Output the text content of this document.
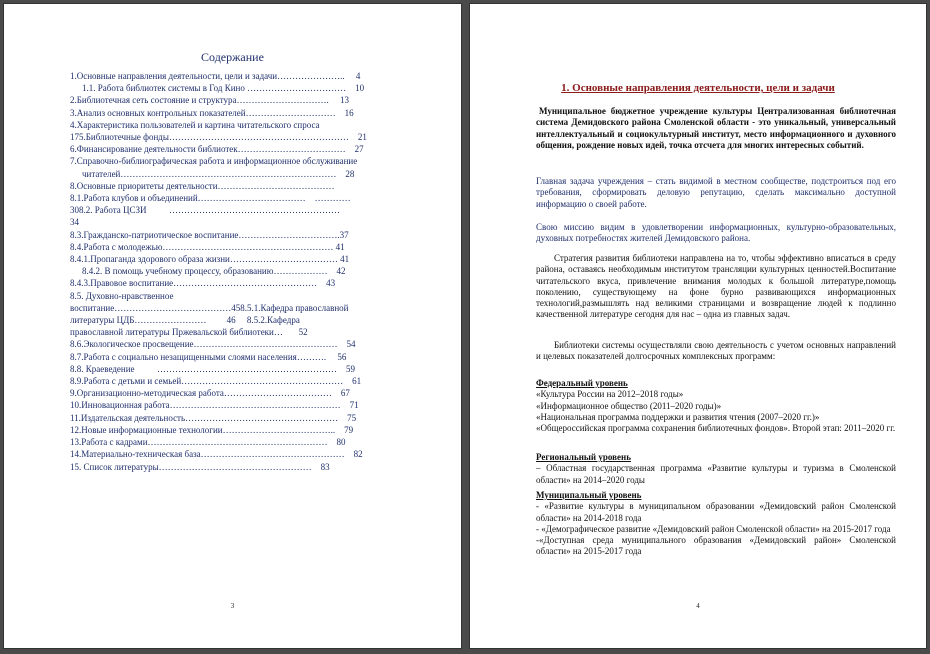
Содержание
1.Основные направления деятельности, цели и задачи…………………..     4
1.1. Работа библиотек системы в Год Кино ……………………………    10
2.Библиотечная сеть состояние и структура………………………….     13
3.Анализ основных контрольных показателей…………………………    16
4.Характеристика пользователей и картина читательского спроса
175.Библиотечные фонды……………………………………………………    21
6.Финансирование деятельности библиотек………………………………    27
7.Справочно-библиографическая работа и информационное обслуживание
читателей………………………………………………………………    28
8.Основные приоритеты деятельности…………………………………
8.1.Работа клубов и объединений………………………………    …………
308.2. Работа ЦСЗИ          …………………………………………………
34
8.3.Гражданско-патриотическое воспитание…………………………….37
8.4.Работа с молодежью………………………………………………… 41
8.4.1.Пропаганда здорового образа жизни……………………………… 41
8.4.2. В помощь учебному процессу, образованию………………    42
8.4.3.Правовое воспитание…………………………………………    43
8.5. Духовно-нравственное
воспитание…………………………………458.5.1.Кафедра православной
литературы ЦДБ……………………         46     8.5.2.Кафедра
православной литературы Пржевальской библиотеки…       52
8.6.Экологическое просвещение…………………………………………    54
8.7.Работа с социально незащищенными слоями населения……….     56
8.8. Краеведение          ……………………………………………………    59
8.9.Работа с детьми и семьей………………………………………………    61
9.Организационно-методическая работа………………………………    67
10.Инновационная работа…………………………………………………    71
11.Издательская деятельность……………………………………………    75
12.Новые информационные технологии………………………………..    79
13.Работа с кадрами……………………………………………………    80
14.Материально-техническая база…………………………………………    82
15. Список литературы……………………………………………    83
3
1. Основные направления деятельности, цели и задачи
Муниципальное бюджетное учреждение культуры Централизованная библиотечная система Демидовского района Смоленской области - это уникальный, универсальный интеллектуальный и социокультурный институт, место информационного и духовного общения, рождение новых идей, точка отсчета для многих интересных событий.
Главная задача учреждения – стать видимой в местном сообществе, подстроиться под его требования, сформировать деловую репутацию, сделать максимально доступной информацию о своей работе.
Свою миссию видим в удовлетворении информационных, культурно-образовательных, духовных потребностях жителей Демидовского района.
Стратегия развития библиотеки направлена на то, чтобы эффективно вписаться в среду района, оставаясь необходимым институтом трансляции культурных ценностей.Воспитание читательского вкуса, привлечение внимания молодых к большой литературе,помощь поколению, существующему на фоне бурно развивающихся информационных технологий,размышлять над великими страницами и возвращение людей к подлинно качественной литературе сегодня для нас – одна из главных задач.
Библиотеки системы осуществляли свою деятельность с учетом основных направлений и целевых показателей долгосрочных комплексных программ:
Федеральный уровень
«Культура России на 2012–2018 годы»
«Информационное общество (2011–2020 годы)»
«Национальная программа поддержки и развития чтения (2007–2020 гг.)»
«Общероссийская программа сохранения библиотечных фондов». Второй этап: 2011–2020 гг.
Региональный уровень
– Областная государственная программа «Развитие культуры и туризма в Смоленской области» на 2014–2020 годы
Муниципальный уровень
- «Развитие культуры в муниципальном образовании «Демидовский район Смоленской области» на 2014-2018 года
- «Демографическое развитие «Демидовский район Смоленской области» на 2015-2017 года
-«Доступная среда муниципального образования «Демидовский район» Смоленской области» на 2015-2017 года
4
